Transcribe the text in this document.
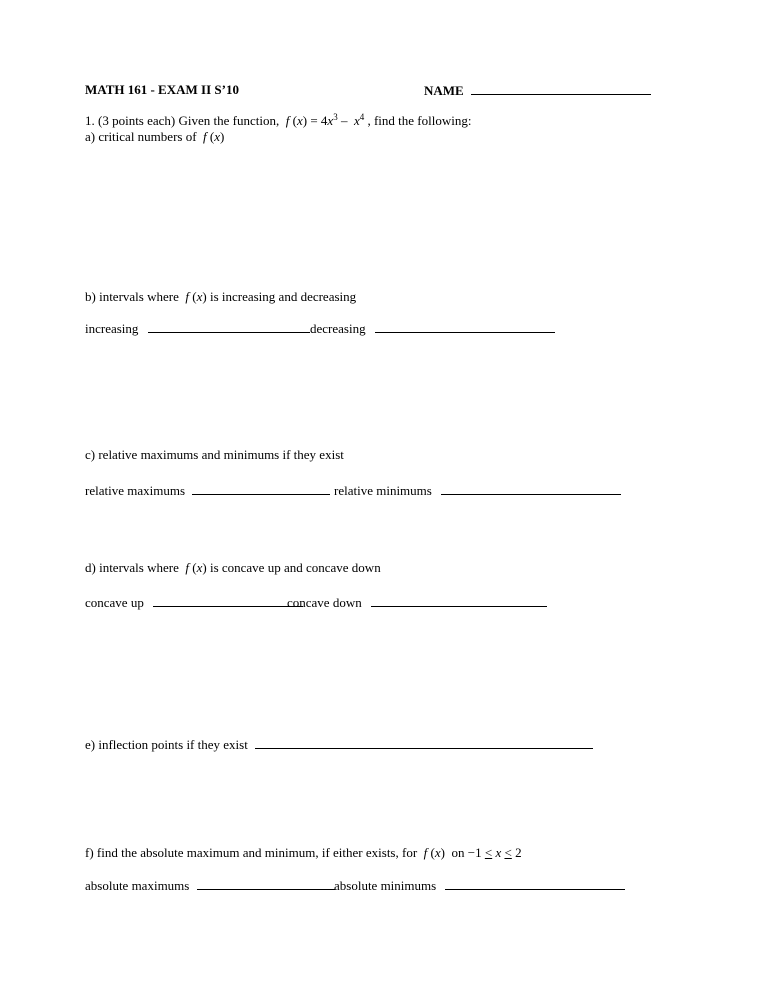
MATH 161 - EXAM II S’10	NAME
1. (3 points each) Given the function,  f $(x) = 4x^3 - x^4$ , find the following:
a) critical numbers of  f (x)
b) intervals where  f (x) is increasing and decreasing
increasing	decreasing
c) relative maximums and minimums if they exist
relative maximums	relative minimums
d) intervals where  f (x) is concave up and concave down
concave up	concave down
e) inflection points if they exist
f) find the absolute maximum and minimum, if either exists, for  f (x)  on −1 < x < 2
absolute maximums	absolute minimums
